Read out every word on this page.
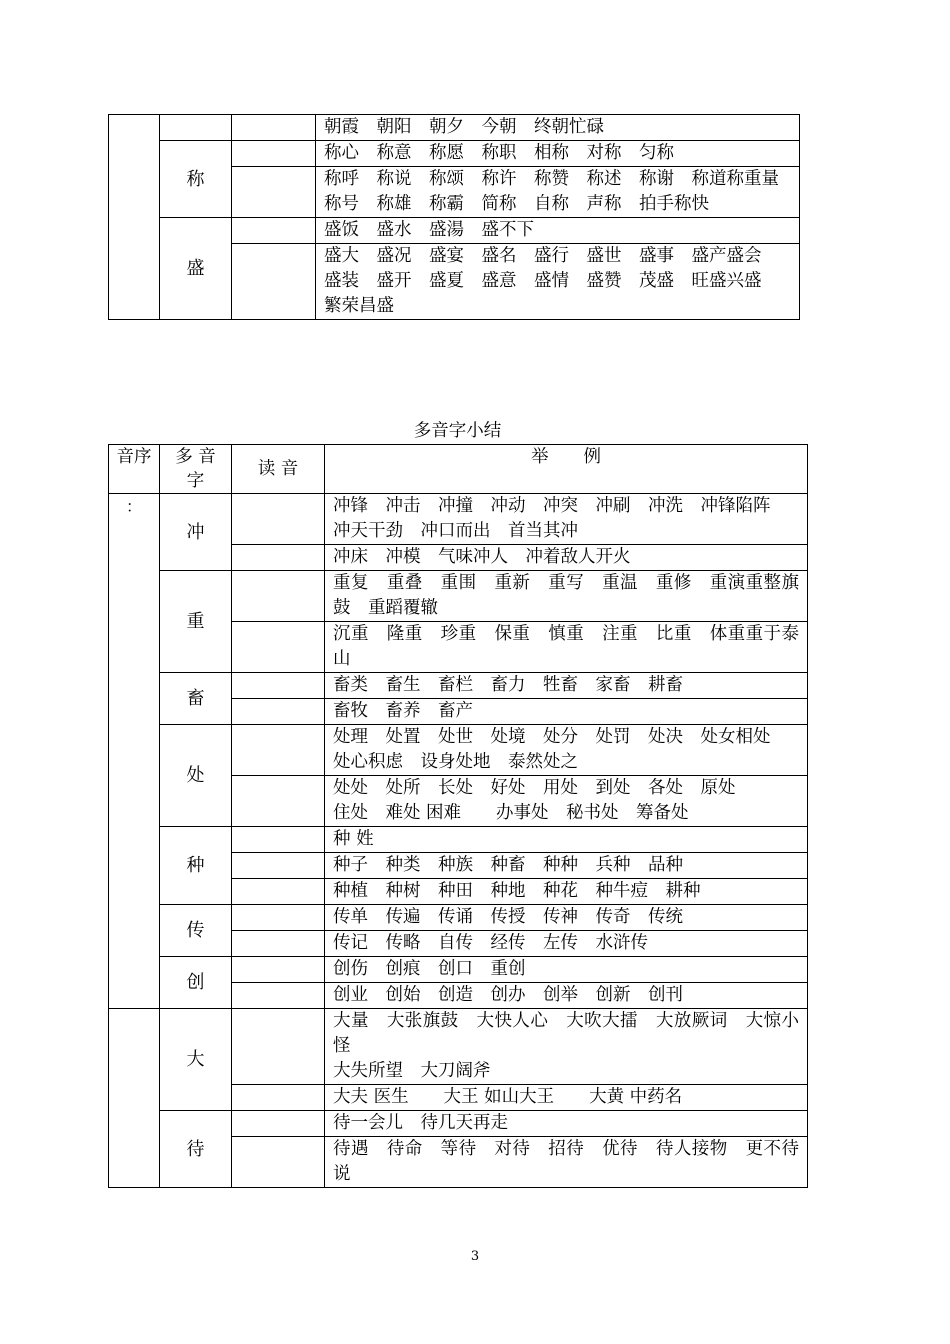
			朝霞　朝阳　朝夕　今朝　终朝忙碌
	称		称心　称意　称愿　称职　相称　对称　匀称

			称呼　称说　称颂　称许　称赞　称述　称谢　称道称重量
称号　称雄　称霸　简称　自称　声称　拍手称快

	盛		盛饭　盛水　盛湯　盛不下

			盛大　盛况　盛宴　盛名　盛行　盛世　盛事　盛产盛会
盛装　盛开　盛夏　盛意　盛情　盛赞　茂盛　旺盛兴盛
繁荣昌盛
多音字小结
音序	多 音 字	读 音	举　　例
：	冲		冲锋　冲击　冲撞　冲动　冲突　冲刷　冲洗　冲锋陷阵
冲天干劲　冲口而出　首当其冲

			冲床　冲模　气味冲人　冲着敌人开火

	重		重复　重叠　重围　重新　重写　重温　重修　重演重整旗鼓　重蹈覆辙

			沉重　隆重　珍重　保重　慎重　注重　比重　体重重于泰山

	畜		畜类　畜生　畜栏　畜力　牲畜　家畜　耕畜

			畜牧　畜养　畜产

	处		处理　处置　处世　处境　处分　处罚　处决　处女相处
处心积虑　设身处地　泰然处之

			处处　处所　长处　好处　用处　到处　各处　原处
住处　难处 困难　　办事处　秘书处　筹备处

	种		种 姓

			种子　种类　种族　种畜　种种　兵种　品种

			种植　种树　种田　种地　种花　种牛痘　耕种

	传		传单　传遍　传诵　传授　传神　传奇　传统

			传记　传略　自传　经传　左传　水浒传

	创		创伤　创痕　创口　重创

			创业　创始　创造　创办　创举　创新　创刊

	大		大量　大张旗鼓　大快人心　大吹大擂　大放厥词　大惊小怪
大失所望　大刀阔斧

			大夫 医生　　大王 如山大王　　大黄 中药名

	待		待一会儿　待几天再走

			待遇　待命　等待　对待　招待　优待　待人接物　更不待说
3
